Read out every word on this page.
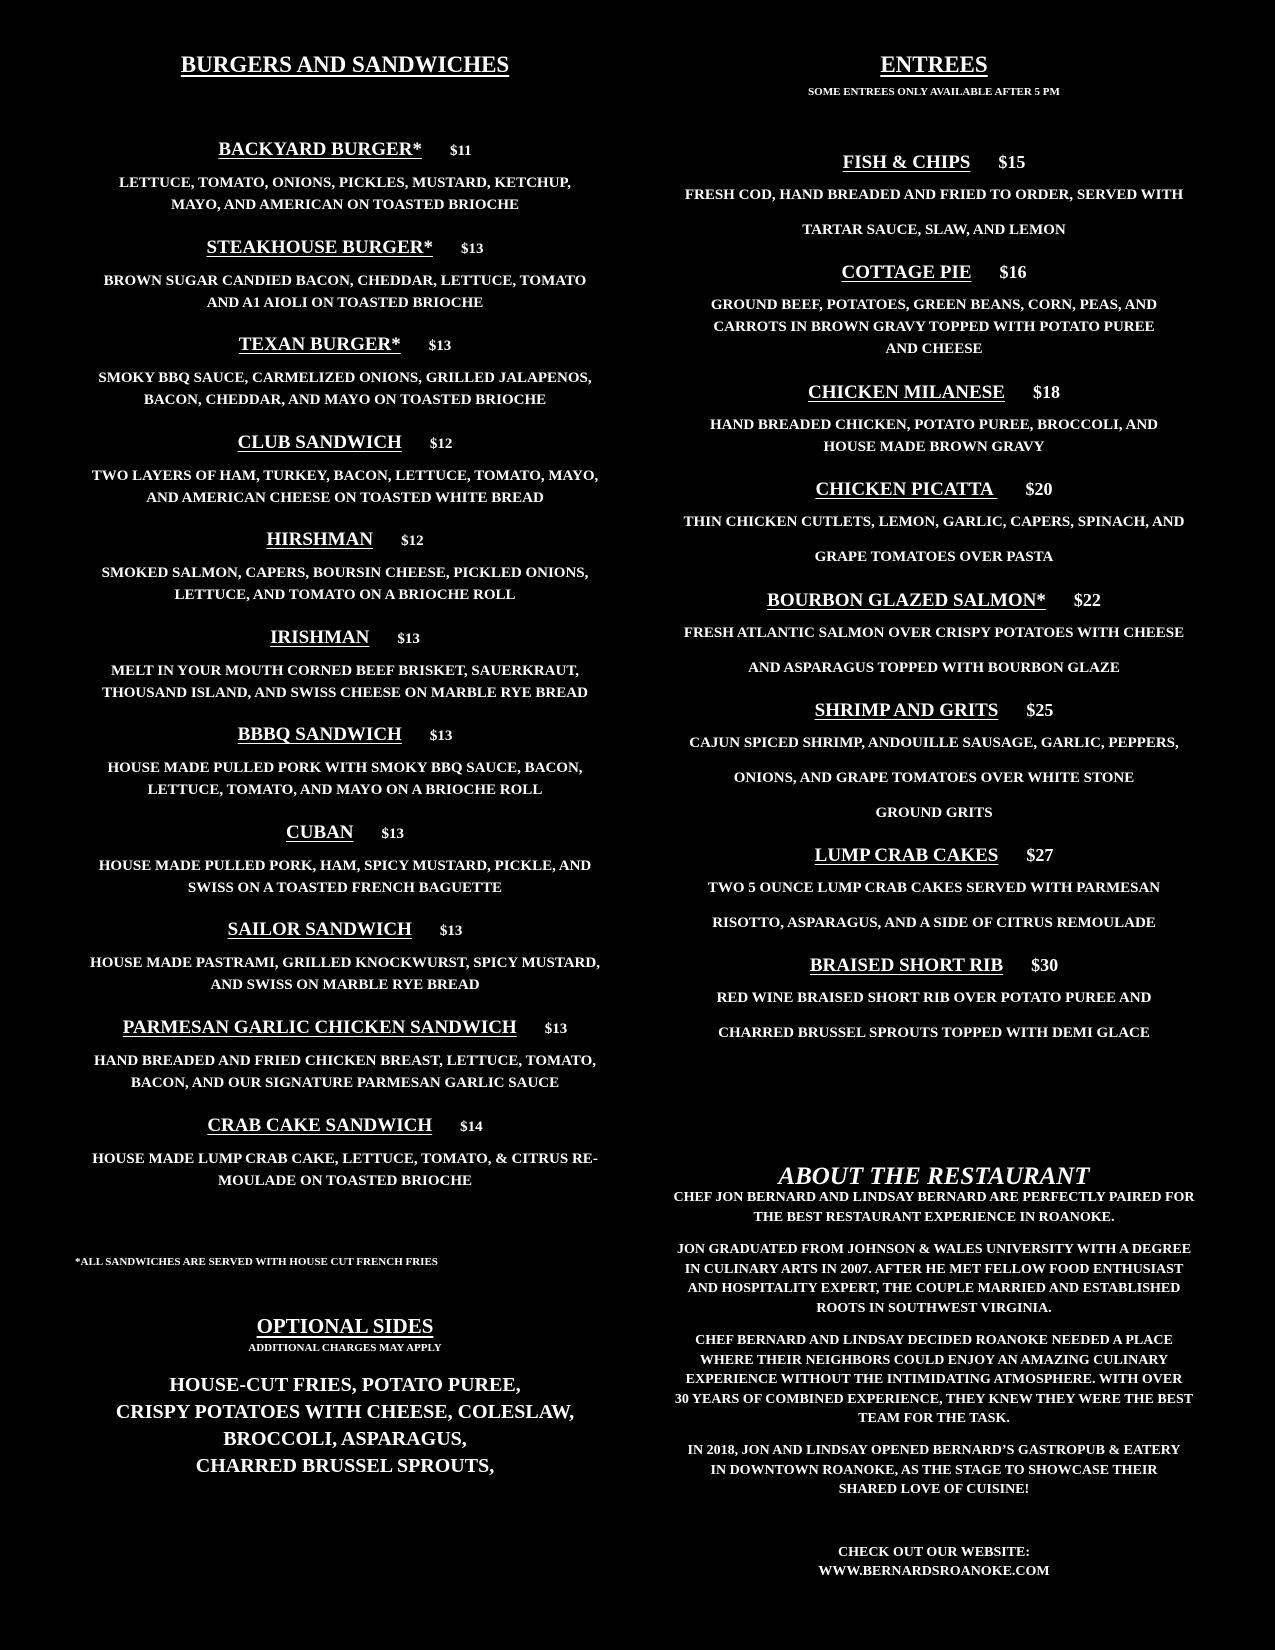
BURGERS AND SANDWICHES
BACKYARD BURGER* $11
LETTUCE, TOMATO, ONIONS, PICKLES, MUSTARD, KETCHUP,
MAYO, AND AMERICAN ON TOASTED BRIOCHE
STEAKHOUSE BURGER* $13
BROWN SUGAR CANDIED BACON, CHEDDAR, LETTUCE, TOMATO
AND A1 AIOLI ON TOASTED BRIOCHE
TEXAN BURGER* $13
SMOKY BBQ SAUCE, CARMELIZED ONIONS, GRILLED JALAPENOS,
BACON, CHEDDAR, AND MAYO ON TOASTED BRIOCHE
CLUB SANDWICH $12
TWO LAYERS OF HAM, TURKEY, BACON, LETTUCE, TOMATO, MAYO,
AND AMERICAN CHEESE ON TOASTED WHITE BREAD
HIRSHMAN $12
SMOKED SALMON, CAPERS, BOURSIN CHEESE, PICKLED ONIONS,
LETTUCE, AND TOMATO ON A BRIOCHE ROLL
IRISHMAN $13
MELT IN YOUR MOUTH CORNED BEEF BRISKET, SAUERKRAUT,
THOUSAND ISLAND, AND SWISS CHEESE ON MARBLE RYE BREAD
BBBQ SANDWICH $13
HOUSE MADE PULLED PORK WITH SMOKY BBQ SAUCE, BACON,
LETTUCE, TOMATO, AND MAYO ON A BRIOCHE ROLL
CUBAN $13
HOUSE MADE PULLED PORK, HAM, SPICY MUSTARD, PICKLE, AND
SWISS ON A TOASTED FRENCH BAGUETTE
SAILOR SANDWICH $13
HOUSE MADE PASTRAMI, GRILLED KNOCKWURST, SPICY MUSTARD,
AND SWISS ON MARBLE RYE BREAD
PARMESAN GARLIC CHICKEN SANDWICH $13
HAND BREADED AND FRIED CHICKEN BREAST, LETTUCE, TOMATO,
BACON, AND OUR SIGNATURE PARMESAN GARLIC SAUCE
CRAB CAKE SANDWICH $14
HOUSE MADE LUMP CRAB CAKE, LETTUCE, TOMATO, & CITRUS RE-
MOULADE ON TOASTED BRIOCHE
*ALL SANDWICHES ARE SERVED WITH HOUSE CUT FRENCH FRIES
OPTIONAL SIDES
ADDITIONAL CHARGES MAY APPLY
HOUSE-CUT FRIES, POTATO PUREE,
CRISPY POTATOES WITH CHEESE, COLESLAW,
BROCCOLI, ASPARAGUS,
CHARRED BRUSSEL SPROUTS,
ENTREES
SOME ENTREES ONLY AVAILABLE AFTER 5 PM
FISH & CHIPS $15
FRESH COD, HAND BREADED AND FRIED TO ORDER, SERVED WITH
TARTAR SAUCE, SLAW, AND LEMON
COTTAGE PIE $16
GROUND BEEF, POTATOES, GREEN BEANS, CORN, PEAS, AND
CARROTS IN BROWN GRAVY TOPPED WITH POTATO PUREE
AND CHEESE
CHICKEN MILANESE $18
HAND BREADED CHICKEN, POTATO PUREE, BROCCOLI, AND
HOUSE MADE BROWN GRAVY
CHICKEN PICATTA $20
THIN CHICKEN CUTLETS, LEMON, GARLIC, CAPERS, SPINACH, AND
GRAPE TOMATOES OVER PASTA
BOURBON GLAZED SALMON* $22
FRESH ATLANTIC SALMON OVER CRISPY POTATOES WITH CHEESE
AND ASPARAGUS TOPPED WITH BOURBON GLAZE
SHRIMP AND GRITS $25
CAJUN SPICED SHRIMP, ANDOUILLE SAUSAGE, GARLIC, PEPPERS,
ONIONS, AND GRAPE TOMATOES OVER WHITE STONE
GROUND GRITS
LUMP CRAB CAKES $27
TWO 5 OUNCE LUMP CRAB CAKES SERVED WITH PARMESAN
RISOTTO, ASPARAGUS, AND A SIDE OF CITRUS REMOULADE
BRAISED SHORT RIB $30
RED WINE BRAISED SHORT RIB OVER POTATO PUREE AND
CHARRED BRUSSEL SPROUTS TOPPED WITH DEMI GLACE
ABOUT THE RESTAURANT
CHEF JON BERNARD AND LINDSAY BERNARD ARE PERFECTLY PAIRED FOR
THE BEST RESTAURANT EXPERIENCE IN ROANOKE.
JON GRADUATED FROM JOHNSON & WALES UNIVERSITY WITH A DEGREE
IN CULINARY ARTS IN 2007. AFTER HE MET FELLOW FOOD ENTHUSIAST
AND HOSPITALITY EXPERT, THE COUPLE MARRIED AND ESTABLISHED
ROOTS IN SOUTHWEST VIRGINIA.
CHEF BERNARD AND LINDSAY DECIDED ROANOKE NEEDED A PLACE
WHERE THEIR NEIGHBORS COULD ENJOY AN AMAZING CULINARY
EXPERIENCE WITHOUT THE INTIMIDATING ATMOSPHERE. WITH OVER
30 YEARS OF COMBINED EXPERIENCE, THEY KNEW THEY WERE THE BEST
TEAM FOR THE TASK.
IN 2018, JON AND LINDSAY OPENED BERNARD’S GASTROPUB & EATERY
IN DOWNTOWN ROANOKE, AS THE STAGE TO SHOWCASE THEIR
SHARED LOVE OF CUISINE!
CHECK OUT OUR WEBSITE:
WWW.BERNARDSROANOKE.COM
